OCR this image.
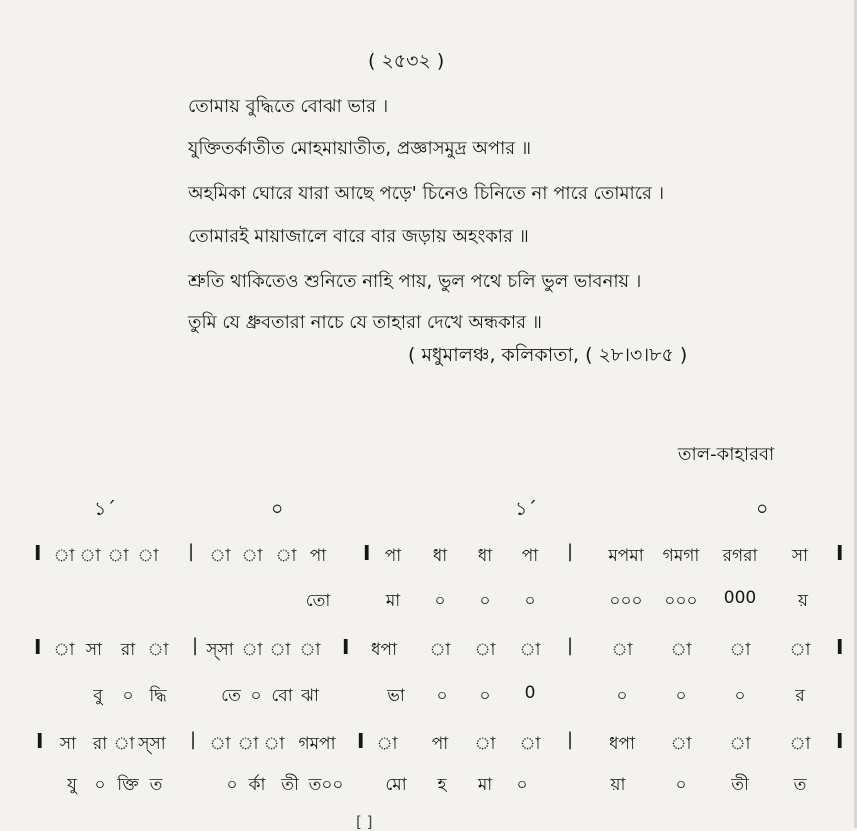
( ২৫৩২ )
তোমায় বুদ্ধিতে বোঝা ভার ।
যুক্তিতর্কাতীত মোহমায়াতীত, প্রজ্ঞাসমুদ্র অপার ॥
অহমিকা ঘোরে যারা আছে পড়ে' চিনেও চিনিতে না পারে তোমারে ।
তোমারই মায়াজালে বারে বার জড়ায় অহংকার ॥
শ্রুতি থাকিতেও শুনিতে নাহি পায়, ভুল পথে চলি ভুল ভাবনায় ।
তুমি যে ধ্রুবতারা নাচে যে তাহারা দেখে অন্ধকার ॥
( মধুমালঞ্চ, কলিকাতা, ( ২৮।৩।৮৫ )
তাল-কাহারবা
১ˊ	০	১ˊ	০
I া া া া | া া া পা I পা ধা ধা পা | মপমা গমগা রগরা সা I
তো	মা ০ ০ ০	০০০ ০০০ 000 য়
I া সা রা া | স্সা া া া I ধপা া া া | া া া া I
বু ০ দ্ধি	তে ০ বো ঝা	ভা ০ ০ 0	০	০	০	র
I সা রা া স্সা | া া া গমপা I া পা া া | ধপা া া া I
যু ০ ক্তি ত	০ র্কা তী ত০০ মো হ মা ০	য়া	০	তী	ত
[ ]
